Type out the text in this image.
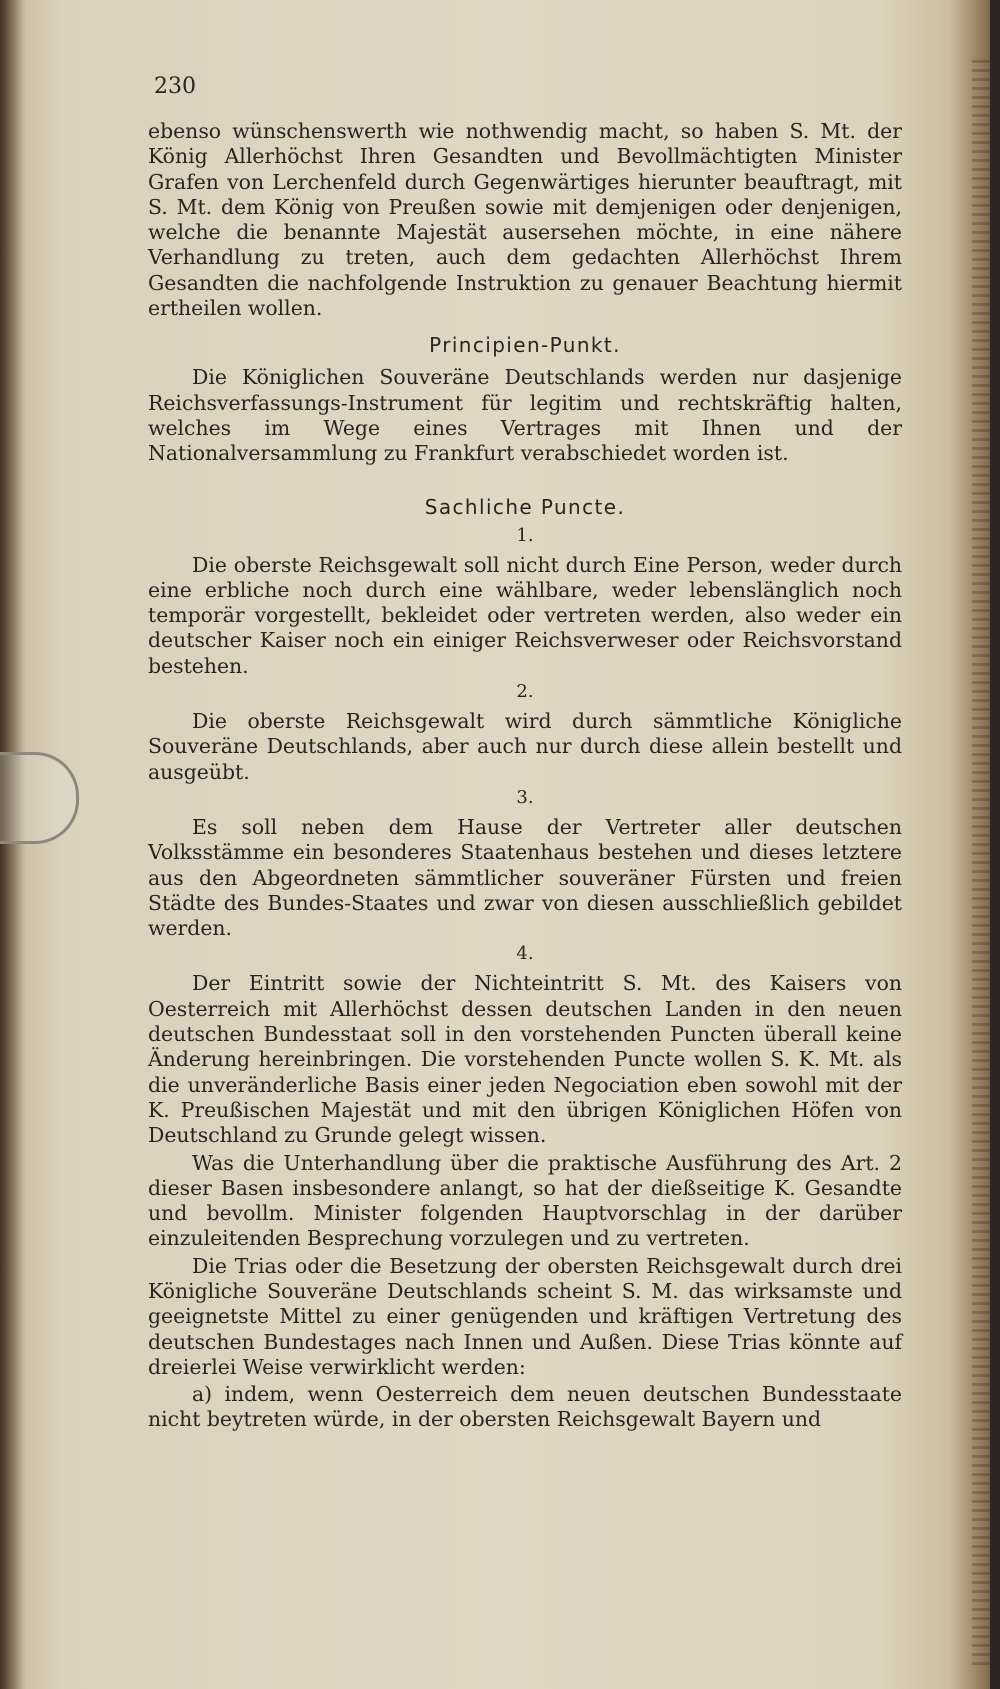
230

ebenso wünschenswerth wie nothwendig macht, so haben S. Mt. der König Allerhöchst Ihren Gesandten und Bevollmächtigten Minister Grafen von Lerchenfeld durch Gegenwärtiges hierunter beauftragt, mit S. Mt. dem König von Preußen sowie mit demjenigen oder denjenigen, welche die benannte Majestät ausersehen möchte, in eine nähere Verhandlung zu treten, auch dem gedachten Allerhöchst Ihrem Gesandten die nachfolgende Instruktion zu genauer Beachtung hiermit ertheilen wollen.

Principien-Punkt.

Die Königlichen Souveräne Deutschlands werden nur dasjenige Reichsverfassungs-Instrument für legitim und rechtskräftig halten, welches im Wege eines Vertrages mit Ihnen und der Nationalversammlung zu Frankfurt verabschiedet worden ist.

Sachliche Puncte.
1.

Die oberste Reichsgewalt soll nicht durch Eine Person, weder durch eine erbliche noch durch eine wählbare, weder lebenslänglich noch temporär vorgestellt, bekleidet oder vertreten werden, also weder ein deutscher Kaiser noch ein einiger Reichsverweser oder Reichsvorstand bestehen.

2.

Die oberste Reichsgewalt wird durch sämmtliche Königliche Souveräne Deutschlands, aber auch nur durch diese allein bestellt und ausgeübt.

3.

Es soll neben dem Hause der Vertreter aller deutschen Volksstämme ein besonderes Staatenhaus bestehen und dieses letztere aus den Abgeordneten sämmtlicher souveräner Fürsten und freien Städte des Bundes-Staates und zwar von diesen ausschließlich gebildet werden.

4.

Der Eintritt sowie der Nichteintritt S. Mt. des Kaisers von Oesterreich mit Allerhöchst dessen deutschen Landen in den neuen deutschen Bundesstaat soll in den vorstehenden Puncten überall keine Änderung hereinbringen. Die vorstehenden Puncte wollen S. K. Mt. als die unveränderliche Basis einer jeden Negociation eben sowohl mit der K. Preußischen Majestät und mit den übrigen Königlichen Höfen von Deutschland zu Grunde gelegt wissen.

Was die Unterhandlung über die praktische Ausführung des Art. 2 dieser Basen insbesondere anlangt, so hat der dießseitige K. Gesandte und bevollm. Minister folgenden Hauptvorschlag in der darüber einzuleitenden Besprechung vorzulegen und zu vertreten.

Die Trias oder die Besetzung der obersten Reichsgewalt durch drei Königliche Souveräne Deutschlands scheint S. M. das wirksamste und geeignetste Mittel zu einer genügenden und kräftigen Vertretung des deutschen Bundestages nach Innen und Außen. Diese Trias könnte auf dreierlei Weise verwirklicht werden:

a) indem, wenn Oesterreich dem neuen deutschen Bundesstaate nicht beytreten würde, in der obersten Reichsgewalt Bayern und
